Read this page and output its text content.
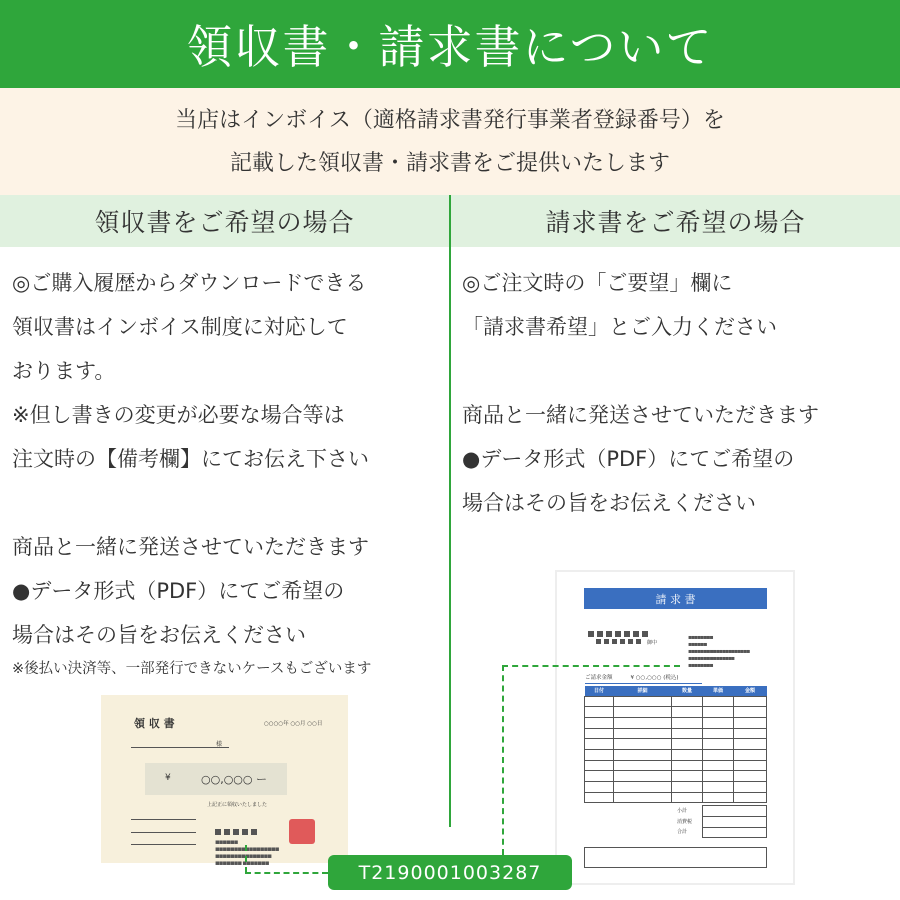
領収書・請求書について
当店はインボイス（適格請求書発行事業者登録番号）を
記載した領収書・請求書をご提供いたします
領収書をご希望の場合	請求書をご希望の場合
◎ご購入履歴からダウンロードできる
領収書はインボイス制度に対応して
おります。
※但し書きの変更が必要な場合等は
注文時の【備考欄】にてお伝え下さい
商品と一緒に発送させていただきます
●データ形式（PDF）にてご希望の
場合はその旨をお伝えください
※後払い決済等、一部発行できないケースもございます
◎ご注文時の「ご要望」欄に
「請求書希望」とご入力ください
商品と一緒に発送させていただきます
●データ形式（PDF）にてご希望の
場合はその旨をお伝えください
領 収 書	○○○○年 ○○月 ○○日
様
¥	○○,○○○ ー
上記正に領収いたしました
▪▪▪▪▪▪
▪▪▪▪▪▪▪▪▪▪▪▪▪▪▪▪▪
▪▪▪▪▪▪▪▪▪▪▪▪▪▪▪
▪▪▪▪▪▪▪ ▪▪▪▪▪▪▪
請 求 書
御中
▪▪▪▪▪▪▪▪
▪▪▪▪▪▪
▪▪▪▪▪▪▪▪▪▪▪▪▪▪▪▪▪▪▪▪
▪▪▪▪▪▪▪▪▪▪▪▪▪▪▪
▪▪▪▪▪▪▪▪
ご請求金額	¥ ○○,○○○ (税込)
日付	詳細	数量	単価	金額

小計
消費税
合計
T2190001003287
